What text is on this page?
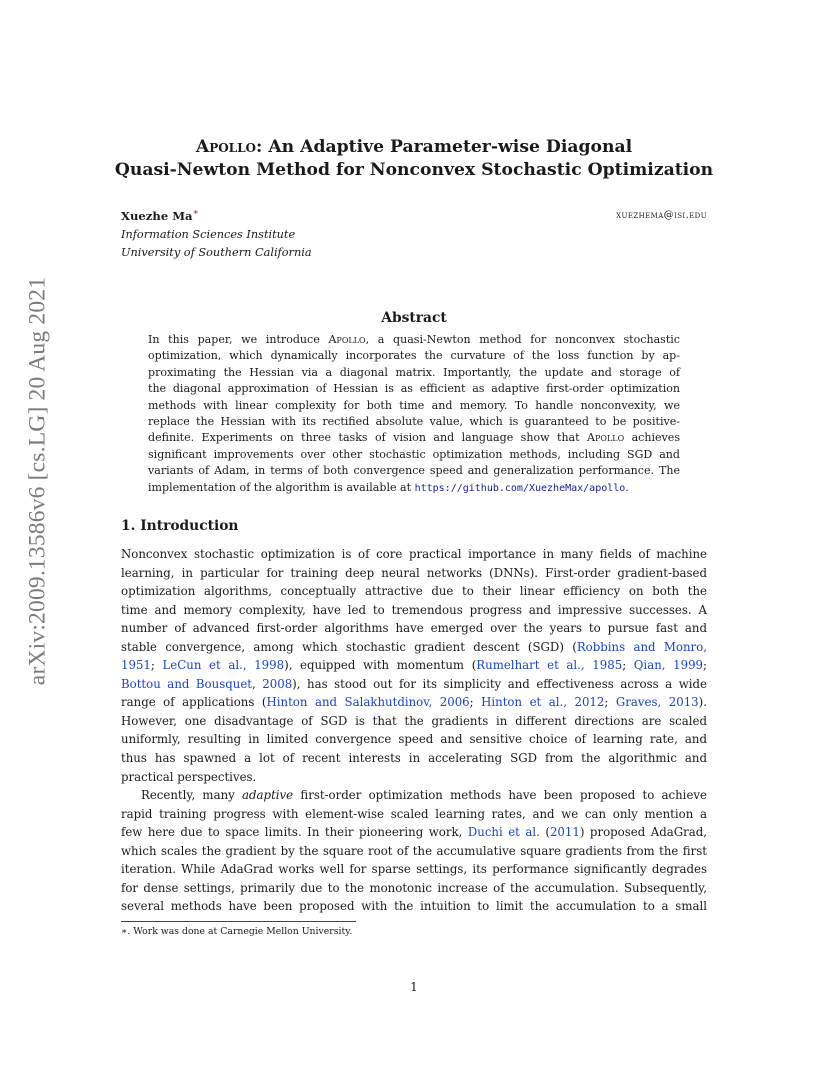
arXiv:2009.13586v6 [cs.LG] 20 Aug 2021
Apollo: An Adaptive Parameter-wise Diagonal
Quasi-Newton Method for Nonconvex Stochastic Optimization
Xuezhe Ma∗	xuezhema@isi.edu
Information Sciences Institute
University of Southern California
Abstract
In this paper, we introduce Apollo, a quasi-Newton method for nonconvex stochastic
optimization, which dynamically incorporates the curvature of the loss function by ap-
proximating the Hessian via a diagonal matrix. Importantly, the update and storage of
the diagonal approximation of Hessian is as efficient as adaptive first-order optimization
methods with linear complexity for both time and memory. To handle nonconvexity, we
replace the Hessian with its rectified absolute value, which is guaranteed to be positive-
definite. Experiments on three tasks of vision and language show that Apollo achieves
significant improvements over other stochastic optimization methods, including SGD and
variants of Adam, in terms of both convergence speed and generalization performance. The
implementation of the algorithm is available at https://github.com/XuezheMax/apollo.
1. Introduction
Nonconvex stochastic optimization is of core practical importance in many fields of machine
learning, in particular for training deep neural networks (DNNs). First-order gradient-based
optimization algorithms, conceptually attractive due to their linear efficiency on both the
time and memory complexity, have led to tremendous progress and impressive successes. A
number of advanced first-order algorithms have emerged over the years to pursue fast and
stable convergence, among which stochastic gradient descent (SGD) (Robbins and Monro,
1951; LeCun et al., 1998), equipped with momentum (Rumelhart et al., 1985; Qian, 1999;
Bottou and Bousquet, 2008), has stood out for its simplicity and effectiveness across a wide
range of applications (Hinton and Salakhutdinov, 2006; Hinton et al., 2012; Graves, 2013).
However, one disadvantage of SGD is that the gradients in different directions are scaled
uniformly, resulting in limited convergence speed and sensitive choice of learning rate, and
thus has spawned a lot of recent interests in accelerating SGD from the algorithmic and
practical perspectives.
Recently, many adaptive first-order optimization methods have been proposed to achieve
rapid training progress with element-wise scaled learning rates, and we can only mention a
few here due to space limits. In their pioneering work, Duchi et al. (2011) proposed AdaGrad,
which scales the gradient by the square root of the accumulative square gradients from the first
iteration. While AdaGrad works well for sparse settings, its performance significantly degrades
for dense settings, primarily due to the monotonic increase of the accumulation. Subsequently,
several methods have been proposed with the intuition to limit the accumulation to a small
∗. Work was done at Carnegie Mellon University.
1
